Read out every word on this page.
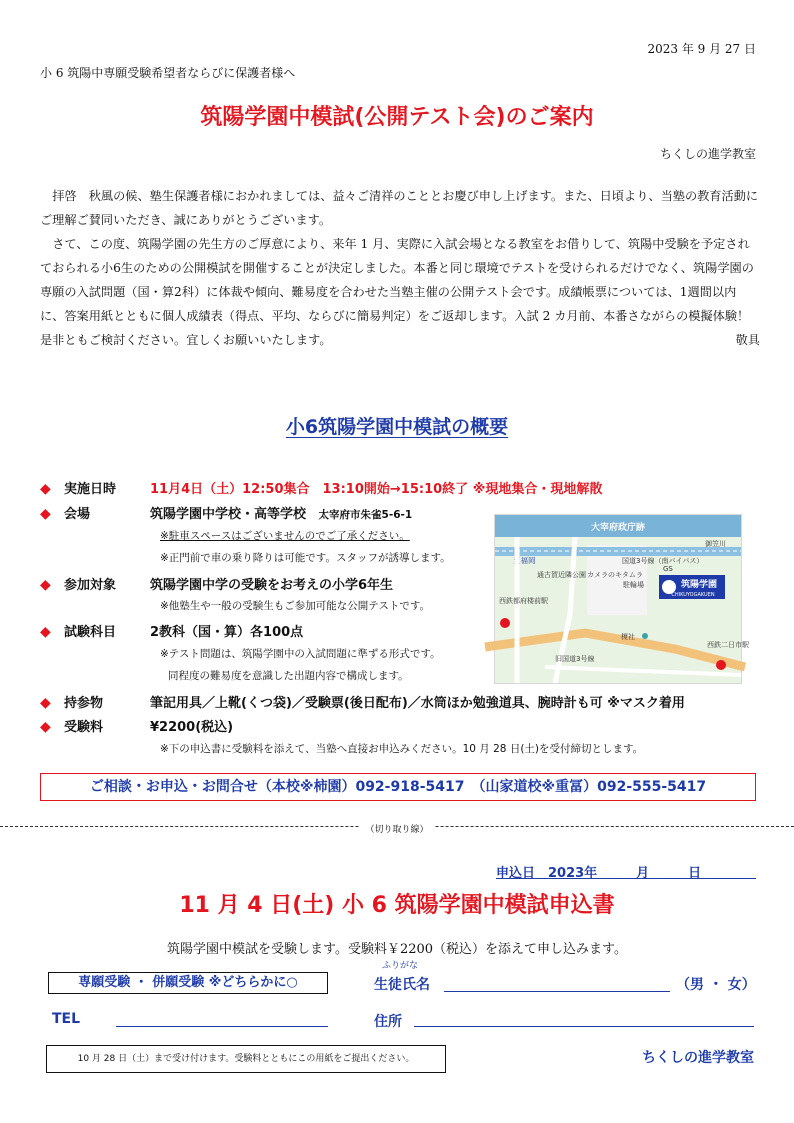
2023 年 9 月 27 日
小 6 筑陽中専願受験希望者ならびに保護者様へ
筑陽学園中模試(公開テスト会)のご案内
ちくしの進学教室

拝啓　秋風の候、塾生保護者様におかれましては、益々ご清祥のこととお慶び申し上げます。また、日頃より、当塾の教育活動にご理解ご賛同いただき、誠にありがとうございます。

さて、この度、筑陽学園の先生方のご厚意により、来年 1 月、実際に入試会場となる教室をお借りして、筑陽中受験を予定されておられる小6生のための公開模試を開催することが決定しました。本番と同じ環境でテストを受けられるだけでなく、筑陽学園の専願の入試問題（国・算2科）に体裁や傾向、難易度を合わせた当塾主催の公開テスト会です。成績帳票については、1週間以内に、答案用紙とともに個人成績表（得点、平均、ならびに簡易判定）をご返却します。入試 2 カ月前、本番さながらの模擬体験！是非ともご検討ください。宜しくお願いいたします。	敬具

小6筑陽学園中模試の概要
◆ 実施日時	11月4日（土）12:50集合　13:10開始→15:10終了 ※現地集合・現地解散
◆ 会場	筑陽学園中学校・高等学校 太宰府市朱雀5-6-1
※駐車スペースはございませんのでご了承ください。
※正門前で車の乗り降りは可能です。スタッフが誘導します。
◆ 参加対象	筑陽学園中学の受験をお考えの小学6年生
※他塾生や一般の受験生もご参加可能な公開テストです。
◆ 試験科目	2教科（国・算）各100点
※テスト問題は、筑陽学園中の入試問題に準ずる形式です。
同程度の難易度を意識した出題内容で構成します。
◆ 持参物	筆記用具／上靴(くつ袋)／受験票(後日配布)／水筒ほか勉強道具、腕時計も可 ※マスク着用
◆ 受験料	¥2200(税込)
※下の申込書に受験料を添えて、当塾へ直接お申込みください。10 月 28 日(土)を受付締切とします。
大宰府政庁跡
至福岡	国道3号線（南バイパス）
御笠川
通古賀近隣公園 カメラのキタムラ
駐輪場
GS
筑陽学園
CHIKUYOGAKUEN
西鉄都府楼前駅
榎社
旧国道3号線
西鉄二日市駅
ご相談・お申込・お問合せ（本校※柿園）092-918-5417　（山家道校※重冨）092-555-5417
（切り取り線）
申込日　2023年　　　月　　　日
11 月 4 日(土) 小 6 筑陽学園中模試申込書
筑陽学園中模試を受験します。受験料￥2200（税込）を添えて申し込みます。
専願受験 ・ 併願受験 ※どちらかに○
ふりがな
生徒氏名	（男 ・ 女）
TEL	住所
10 月 28 日（土）まで受け付けます。受験料とともにこの用紙をご提出ください。	ちくしの進学教室
